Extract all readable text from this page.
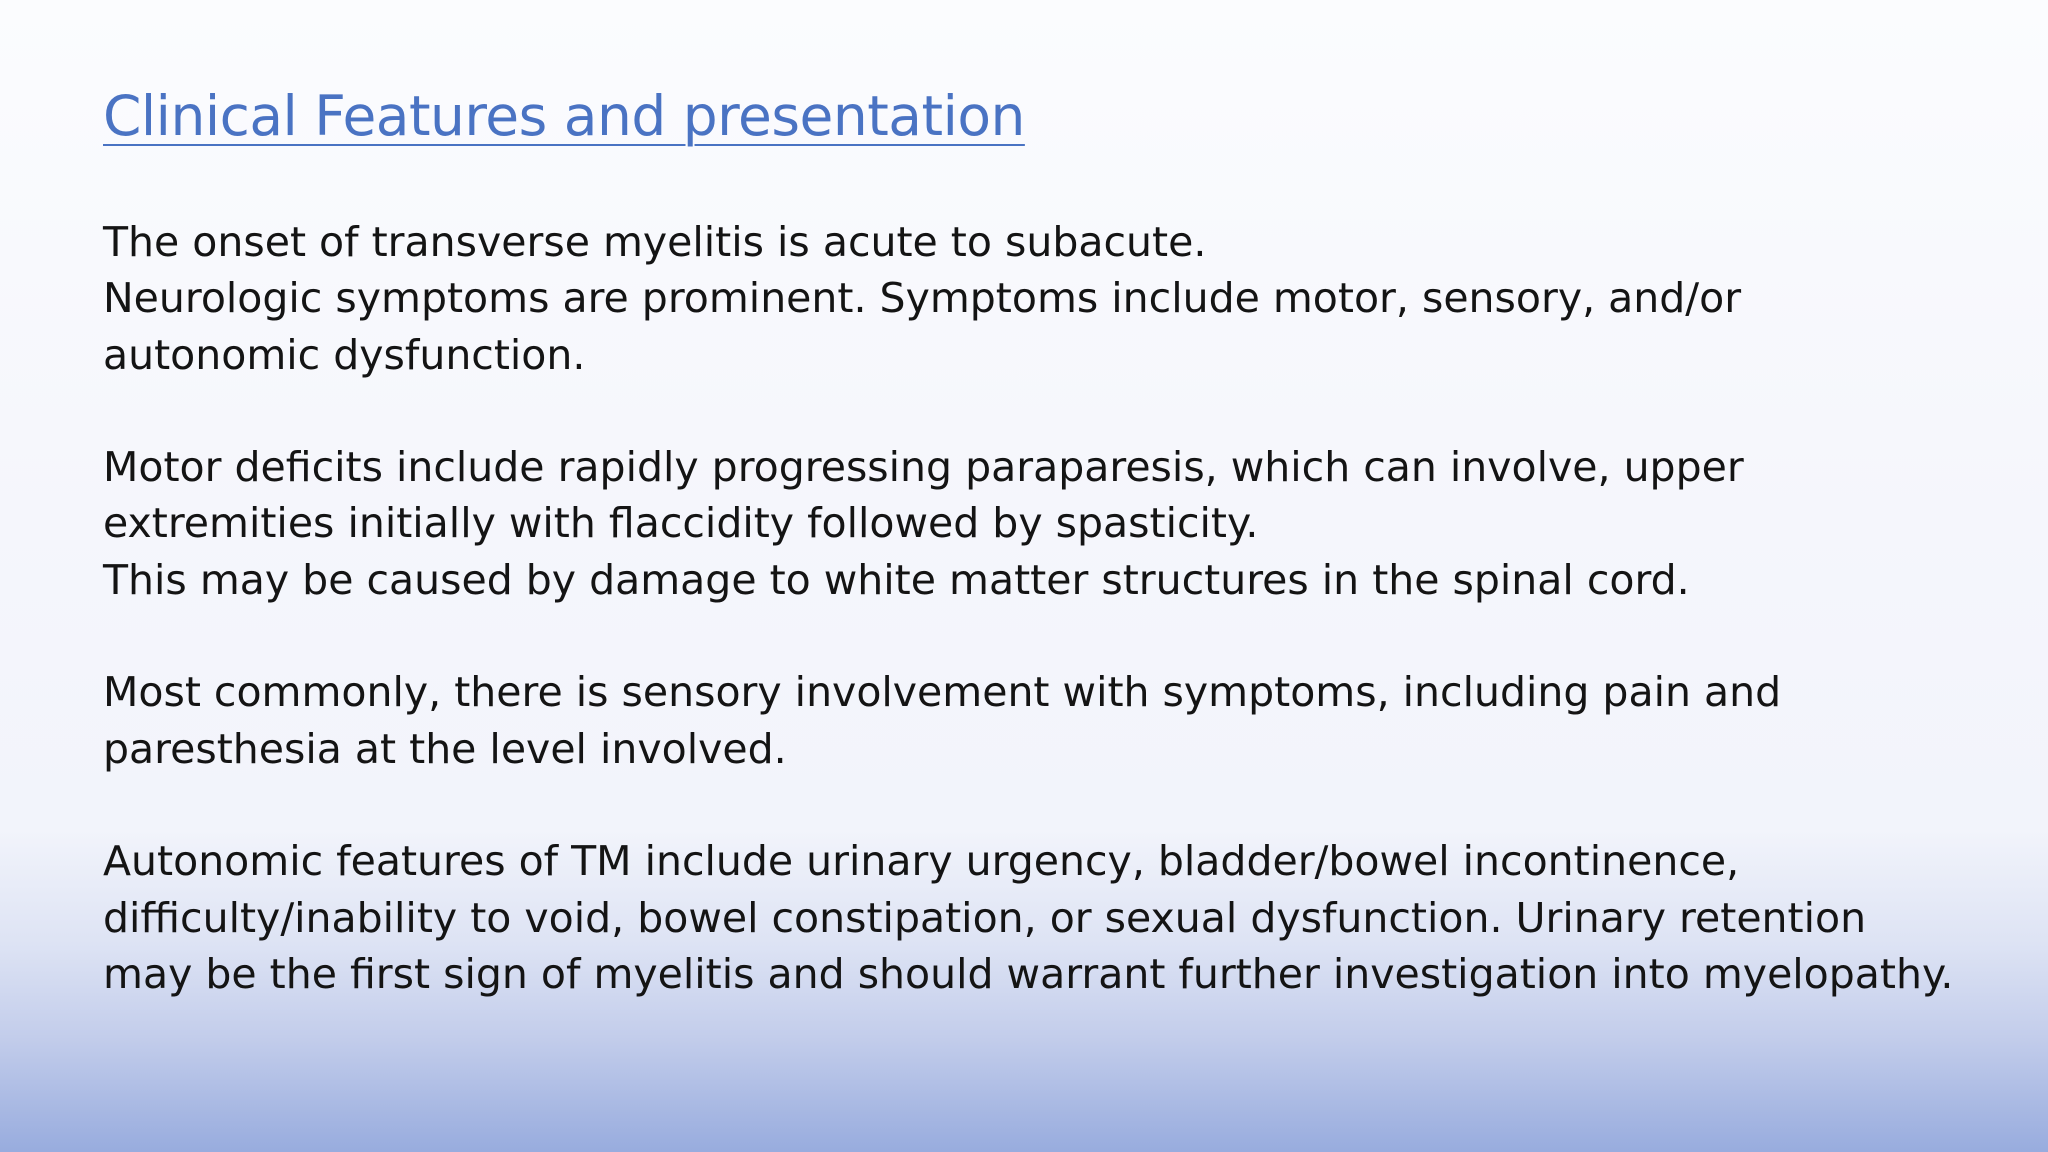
Clinical Features and presentation

The onset of transverse myelitis is acute to subacute.
Neurologic symptoms are prominent. Symptoms include motor, sensory, and/or
autonomic dysfunction.

Motor deficits include rapidly progressing paraparesis, which can involve, upper
extremities initially with flaccidity followed by spasticity.
This may be caused by damage to white matter structures in the spinal cord.

Most commonly, there is sensory involvement with symptoms, including pain and
paresthesia at the level involved.

Autonomic features of TM include urinary urgency, bladder/bowel incontinence,
difficulty/inability to void, bowel constipation, or sexual dysfunction. Urinary retention
may be the first sign of myelitis and should warrant further investigation into myelopathy.
